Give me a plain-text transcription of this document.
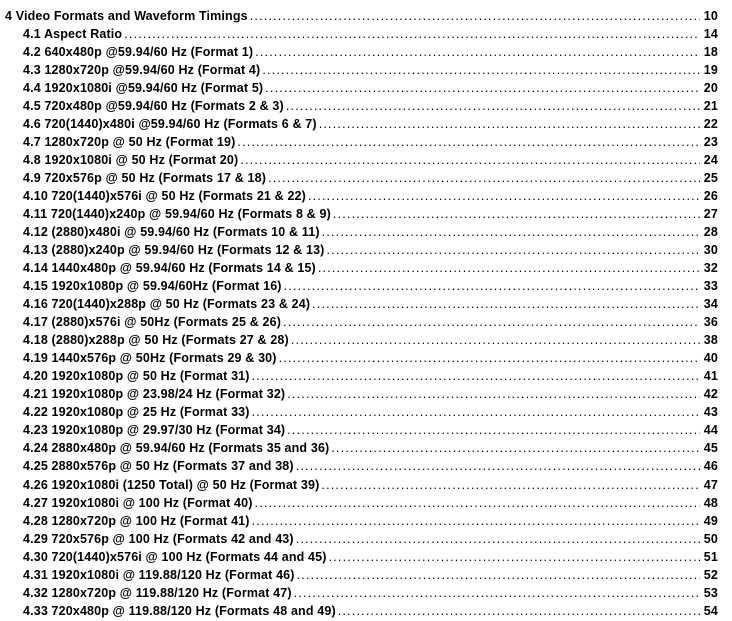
4 Video Formats and Waveform Timings .....	10
4.1 Aspect Ratio .....	14
4.2 640x480p @59.94/60 Hz (Format 1) .....	18
4.3 1280x720p @59.94/60 Hz (Format 4) .....	19
4.4 1920x1080i @59.94/60 Hz (Format 5) .....	20
4.5 720x480p @59.94/60 Hz (Formats 2 & 3) .....	21
4.6 720(1440)x480i @59.94/60 Hz (Formats 6 & 7) .....	22
4.7 1280x720p @ 50 Hz (Format 19) .....	23
4.8 1920x1080i @ 50 Hz (Format 20) .....	24
4.9 720x576p @ 50 Hz (Formats 17 & 18) .....	25
4.10 720(1440)x576i @ 50 Hz (Formats 21 & 22) .....	26
4.11 720(1440)x240p @ 59.94/60 Hz (Formats 8 & 9) .....	27
4.12 (2880)x480i @ 59.94/60 Hz (Formats 10 & 11) .....	28
4.13 (2880)x240p @ 59.94/60 Hz (Formats 12 & 13) .....	30
4.14 1440x480p @ 59.94/60 Hz (Formats 14 & 15) .....	32
4.15 1920x1080p @ 59.94/60Hz (Format 16) .....	33
4.16 720(1440)x288p @ 50 Hz (Formats 23 & 24) .....	34
4.17 (2880)x576i @ 50Hz (Formats 25 & 26) .....	36
4.18 (2880)x288p @ 50 Hz (Formats 27 & 28) .....	38
4.19 1440x576p @ 50Hz (Formats 29 & 30) .....	40
4.20 1920x1080p @ 50 Hz (Format 31) .....	41
4.21 1920x1080p @ 23.98/24 Hz (Format 32) .....	42
4.22 1920x1080p @ 25 Hz (Format 33) .....	43
4.23 1920x1080p @ 29.97/30 Hz (Format 34) .....	44
4.24 2880x480p @ 59.94/60 Hz (Formats 35 and 36) .....	45
4.25 2880x576p @ 50 Hz (Formats 37 and 38) .....	46
4.26 1920x1080i (1250 Total) @ 50 Hz (Format 39) .....	47
4.27 1920x1080i @ 100 Hz (Format 40) .....	48
4.28 1280x720p @ 100 Hz (Format 41) .....	49
4.29 720x576p @ 100 Hz (Formats 42 and 43) .....	50
4.30 720(1440)x576i @ 100 Hz (Formats 44 and 45) .....	51
4.31 1920x1080i @ 119.88/120 Hz (Format 46) .....	52
4.32 1280x720p @ 119.88/120 Hz (Format 47) .....	53
4.33 720x480p @ 119.88/120 Hz (Formats 48 and 49) .....	54
